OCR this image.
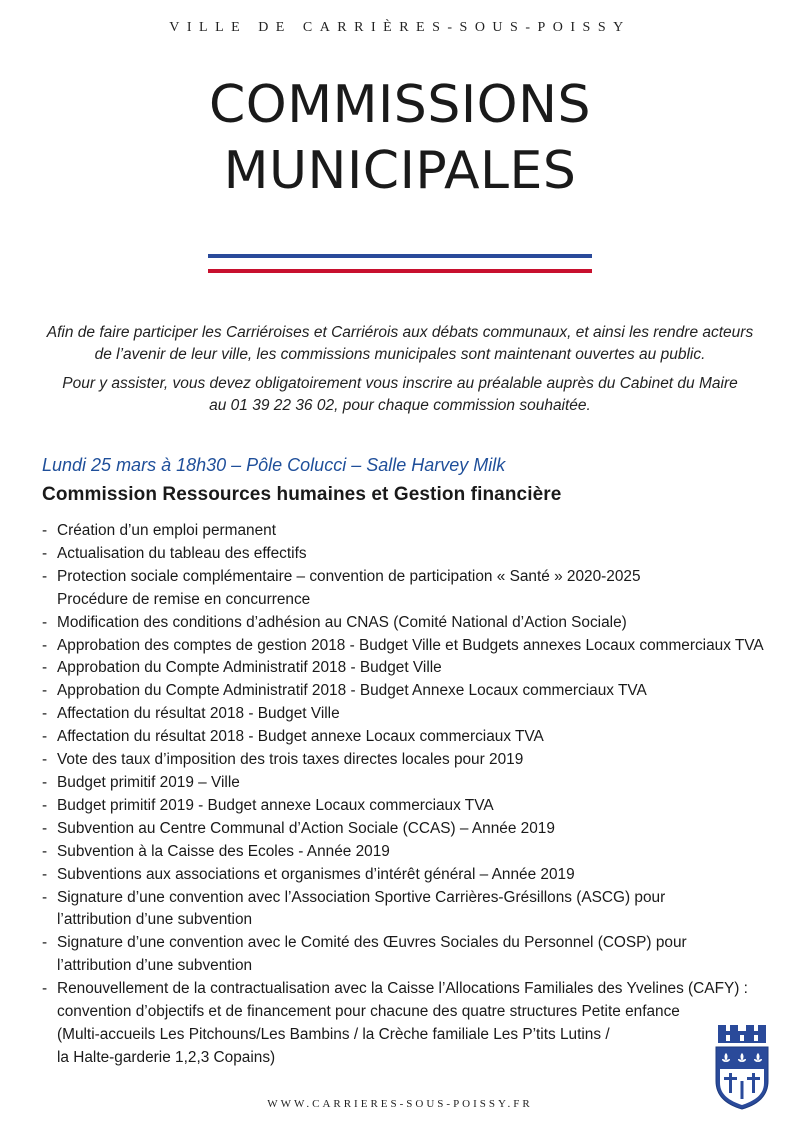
VILLE DE CARRIÈRES-SOUS-POISSY
COMMISSIONS
MUNICIPALES
Afin de faire participer les Carriéroises et Carriérois aux débats communaux, et ainsi les rendre acteurs
de l’avenir de leur ville, les commissions municipales sont maintenant ouvertes au public.
Pour y assister, vous devez obligatoirement vous inscrire au préalable auprès du Cabinet du Maire
au 01 39 22 36 02, pour chaque commission souhaitée.
Lundi 25 mars à 18h30 – Pôle Colucci – Salle Harvey Milk
Commission Ressources humaines et Gestion financière
- Création d’un emploi permanent
- Actualisation du tableau des effectifs
- Protection sociale complémentaire – convention de participation « Santé » 2020-2025
Procédure de remise en concurrence
- Modification des conditions d’adhésion au CNAS (Comité National d’Action Sociale)
- Approbation des comptes de gestion 2018 - Budget Ville et Budgets annexes Locaux commerciaux TVA
- Approbation du Compte Administratif 2018 - Budget Ville
- Approbation du Compte Administratif 2018 - Budget Annexe Locaux commerciaux TVA
- Affectation du résultat 2018 - Budget Ville
- Affectation du résultat 2018 - Budget annexe Locaux commerciaux TVA
- Vote des taux d’imposition des trois taxes directes locales pour 2019
- Budget primitif 2019 – Ville
- Budget primitif 2019 - Budget annexe Locaux commerciaux TVA
- Subvention au Centre Communal d’Action Sociale (CCAS) – Année 2019
- Subvention à la Caisse des Ecoles - Année 2019
- Subventions aux associations et organismes d’intérêt général – Année 2019
- Signature d’une convention avec l’Association Sportive Carrières-Grésillons (ASCG) pour
l’attribution d’une subvention
- Signature d’une convention avec le Comité des Œuvres Sociales du Personnel (COSP) pour
l’attribution d’une subvention
- Renouvellement de la contractualisation avec la Caisse l’Allocations Familiales des Yvelines (CAFY) :
convention d’objectifs et de financement pour chacune des quatre structures Petite enfance
(Multi-accueils Les Pitchouns/Les Bambins / la Crèche familiale Les P’tits Lutins /
la Halte-garderie 1,2,3 Copains)
WWW.CARRIERES-SOUS-POISSY.FR
